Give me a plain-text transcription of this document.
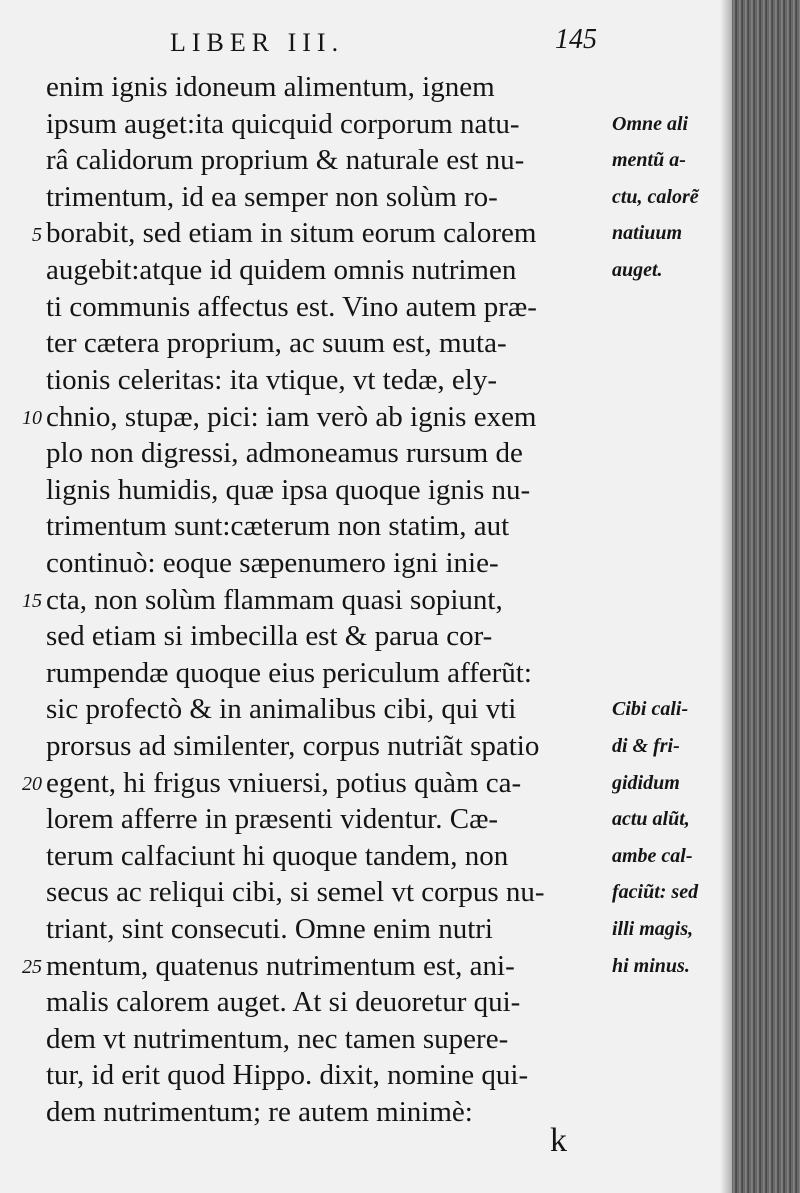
LIBER III.	145
enim ignis idoneum alimentum, ignem
ipsum auget:ita quicquid corporum natu-
râ calidorum proprium & naturale est nu-
trimentum, id ea semper non solùm ro-
borabit, sed etiam in situm eorum calorem
augebit:atque id quidem omnis nutrimen
ti communis affectus est. Vino autem præ-
ter cætera proprium, ac suum est, muta-
tionis celeritas: ita vtique, vt tedæ, ely-
chnio, stupæ, pici: iam verò ab ignis exem
plo non digressi, admoneamus rursum de
lignis humidis, quæ ipsa quoque ignis nu-
trimentum sunt:cæterum non statim, aut
continuò: eoque sæpenumero igni inie-
cta, non solùm flammam quasi sopiunt,
sed etiam si imbecilla est & parua cor-
rumpendæ quoque eius periculum afferũt:
sic profectò & in animalibus cibi, qui vti
prorsus ad similenter, corpus nutriãt spatio
egent, hi frigus vniuersi, potius quàm ca-
lorem afferre in præsenti videntur. Cæ-
terum calfaciunt hi quoque tandem, non
secus ac reliqui cibi, si semel vt corpus nu-
triant, sint consecuti. Omne enim nutri
mentum, quatenus nutrimentum est, ani-
malis calorem auget. At si deuoretur qui-
dem vt nutrimentum, nec tamen supere-
tur, id erit quod Hippo. dixit, nomine qui-
dem nutrimentum; re autem minimè:
5
10
15
20
25
Omne ali
mentũ a-
ctu, calorẽ
natiuum
auget.
Cibi cali-
di & fri-
gididum
actu alũt,
ambe cal-
faciũt: sed
illi magis,
hi minus.
k
